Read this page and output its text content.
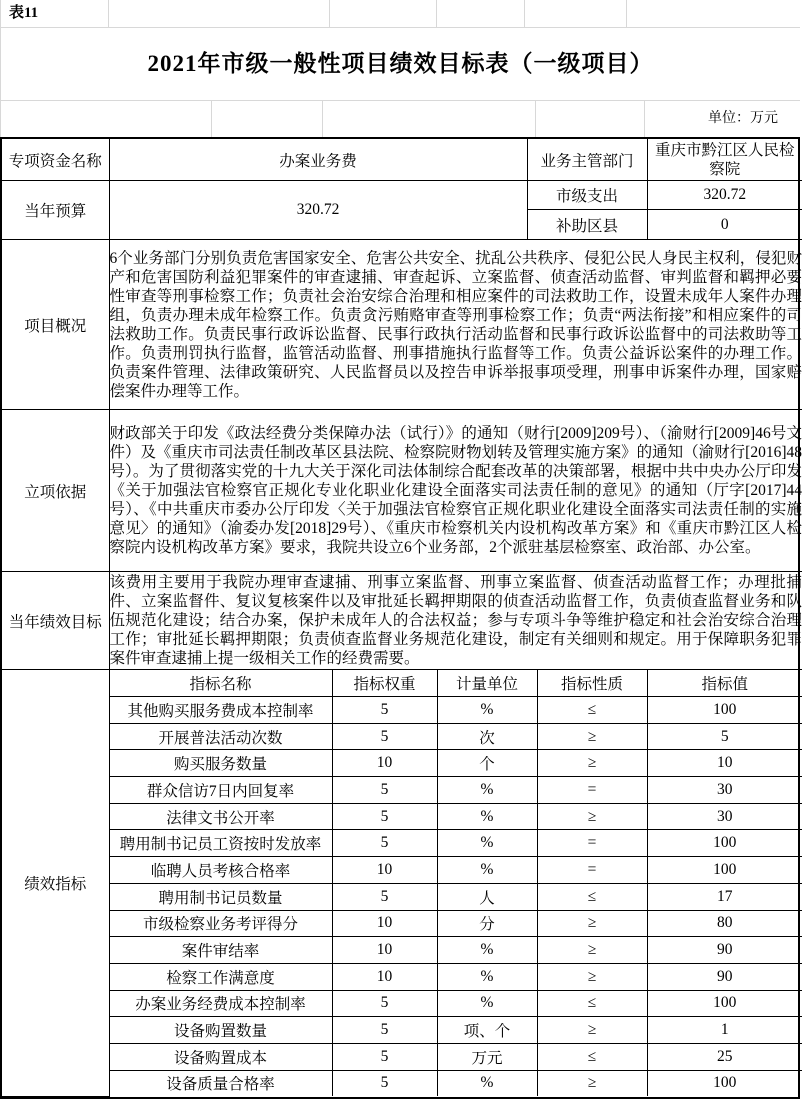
表11
2021年市级一般性项目绩效目标表（一级项目）
单位：万元
专项资金名称	办案业务费	业务主管部门	重庆市黔江区人民检察院
当年预算	320.72	市级支出	320.72
		补助区县	0
项目概况	6个业务部门分别负责危害国家安全、危害公共安全、扰乱公共秩序、侵犯公民人身民主权利，侵犯财产和危害国防利益犯罪案件的审查逮捕、审查起诉、立案监督、侦查活动监督、审判监督和羁押必要性审查等刑事检察工作；负责社会治安综合治理和相应案件的司法救助工作，设置未成年人案件办理组，负责办理未成年检察工作。负责贪污贿赂审查等刑事检察工作；负责“两法衔接”和相应案件的司法救助工作。负责民事行政诉讼监督、民事行政执行活动监督和民事行政诉讼监督中的司法救助等工作。负责刑罚执行监督，监管活动监督、刑事措施执行监督等工作。负责公益诉讼案件的办理工作。负责案件管理、法律政策研究、人民监督员以及控告申诉举报事项受理，刑事申诉案件办理，国家赔偿案件办理等工作。		
立项依据	财政部关于印发《政法经费分类保障办法（试行）》的通知（财行[2009]209号）、（渝财行[2009]46号文件）及《重庆市司法责任制改革区县法院、检察院财物划转及管理实施方案》的通知（渝财行[2016]48号）。为了贯彻落实党的十九大关于深化司法体制综合配套改革的决策部署，根据中共中央办公厅印发《关于加强法官检察官正规化专业化职业化建设全面落实司法责任制的意见》的通知（厅字[2017]44号）、《中共重庆市委办公厅印发〈关于加强法官检察官正规化职业化建设全面落实司法责任制的实施意见〉的通知》（渝委办发[2018]29号）、《重庆市检察机关内设机构改革方案》和《重庆市黔江区人检察院内设机构改革方案》要求，我院共设立6个业务部，2个派驻基层检察室、政治部、办公室。		
当年绩效目标	该费用主要用于我院办理审查逮捕、刑事立案监督、刑事立案监督、侦查活动监督工作；办理批捕件、立案监督件、复议复核案件以及审批延长羁押期限的侦查活动监督工作，负责侦查监督业务和队伍规范化建设；结合办案，保护未成年人的合法权益；参与专项斗争等维护稳定和社会治安综合治理工作；审批延长羁押期限；负责侦查监督业务规范化建设，制定有关细则和规定。用于保障职务犯罪案件审查逮捕上提一级相关工作的经费需要。		
绩效指标	指标名称	指标权重	计量单位	指标性质	指标值
	其他购买服务费成本控制率	5	%	≤	100
	开展普法活动次数	5	次	≥	5
	购买服务数量	10	个	≥	10
	群众信访7日内回复率	5	%	=	30
	法律文书公开率	5	%	≥	30
	聘用制书记员工资按时发放率	5	%	=	100
	临聘人员考核合格率	10	%	=	100
	聘用制书记员数量	5	人	≤	17
	市级检察业务考评得分	10	分	≥	80
	案件审结率	10	%	≥	90
	检察工作满意度	10	%	≥	90
	办案业务经费成本控制率	5	%	≤	100
	设备购置数量	5	项、个	≥	1
	设备购置成本	5	万元	≤	25
	设备质量合格率	5	%	≥	100
